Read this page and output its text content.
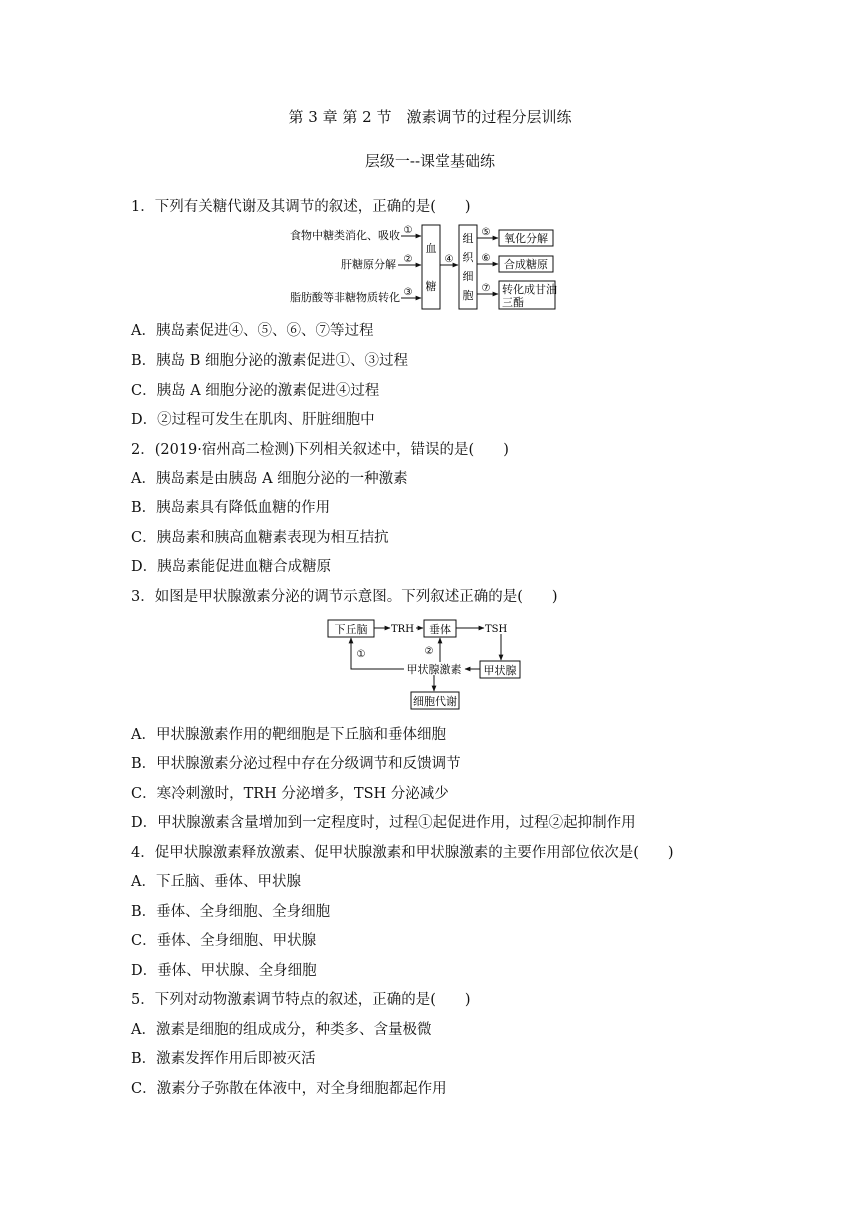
第 3 章 第 2 节　激素调节的过程分层训练
层级一--课堂基础练
1．下列有关糖代谢及其调节的叙述，正确的是(　　)
食物中糖类消化、吸收
肝糖原分解
脂肪酸等非糖物质转化
①
②
③
血
糖
④
组
织
细
胞
⑤
⑥
⑦
氧化分解
合成糖原
转化成甘油
三酯
A．胰岛素促进④、⑤、⑥、⑦等过程
B．胰岛 B 细胞分泌的激素促进①、③过程
C．胰岛 A 细胞分泌的激素促进④过程
D．②过程可发生在肌肉、肝脏细胞中
2．(2019·宿州高二检测)下列相关叙述中，错误的是(　　)
A．胰岛素是由胰岛 A 细胞分泌的一种激素
B．胰岛素具有降低血糖的作用
C．胰岛素和胰高血糖素表现为相互拮抗
D．胰岛素能促进血糖合成糖原
3．如图是甲状腺激素分泌的调节示意图。下列叙述正确的是(　　)
下丘脑 TRH 垂体	TSH
甲状腺
甲状腺激素
①	②
细胞代谢
A．甲状腺激素作用的靶细胞是下丘脑和垂体细胞
B．甲状腺激素分泌过程中存在分级调节和反馈调节
C．寒冷刺激时，TRH 分泌增多，TSH 分泌减少
D．甲状腺激素含量增加到一定程度时，过程①起促进作用，过程②起抑制作用
4．促甲状腺激素释放激素、促甲状腺激素和甲状腺激素的主要作用部位依次是(　　)
A．下丘脑、垂体、甲状腺
B．垂体、全身细胞、全身细胞
C．垂体、全身细胞、甲状腺
D．垂体、甲状腺、全身细胞
5．下列对动物激素调节特点的叙述，正确的是(　　)
A．激素是细胞的组成成分，种类多、含量极微
B．激素发挥作用后即被灭活
C．激素分子弥散在体液中，对全身细胞都起作用
